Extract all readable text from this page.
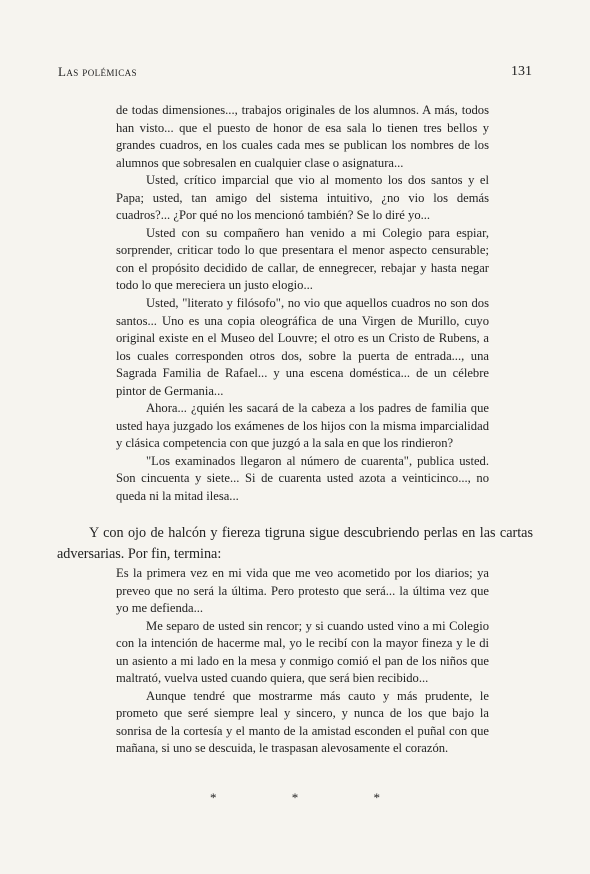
Las polémicas	131

de todas dimensiones..., trabajos originales de los alumnos. A más, todos han visto... que el puesto de honor de esa sala lo tienen tres bellos y grandes cuadros, en los cuales cada mes se publican los nombres de los alumnos que sobresalen en cualquier clase o asignatura...

Usted, crítico imparcial que vio al momento los dos santos y el Papa; usted, tan amigo del sistema intuitivo, ¿no vio los demás cuadros?... ¿Por qué no los mencionó también? Se lo diré yo...

Usted con su compañero han venido a mi Colegio para espiar, sorprender, criticar todo lo que presentara el menor aspecto censurable; con el propósito decidido de callar, de ennegrecer, rebajar y hasta negar todo lo que mereciera un justo elogio...

Usted, "literato y filósofo", no vio que aquellos cuadros no son dos santos... Uno es una copia oleográfica de una Virgen de Murillo, cuyo original existe en el Museo del Louvre; el otro es un Cristo de Rubens, a los cuales corresponden otros dos, sobre la puerta de entrada..., una Sagrada Familia de Rafael... y una escena doméstica... de un célebre pintor de Germania...

Ahora... ¿quién les sacará de la cabeza a los padres de familia que usted haya juzgado los exámenes de los hijos con la misma imparcialidad y clásica competencia con que juzgó a la sala en que los rindieron?

"Los examinados llegaron al número de cuarenta", publica usted. Son cincuenta y siete... Si de cuarenta usted azota a veinticinco..., no queda ni la mitad ilesa...

Y con ojo de halcón y fiereza tigruna sigue descubriendo perlas en las cartas adversarias. Por fin, termina:

Es la primera vez en mi vida que me veo acometido por los diarios; ya preveo que no será la última. Pero protesto que será... la última vez que yo me defienda...

Me separo de usted sin rencor; y si cuando usted vino a mi Colegio con la intención de hacerme mal, yo le recibí con la mayor fineza y le di un asiento a mi lado en la mesa y conmigo comió el pan de los niños que maltrató, vuelva usted cuando quiera, que será bien recibido...

Aunque tendré que mostrarme más cauto y más prudente, le prometo que seré siempre leal y sincero, y nunca de los que bajo la sonrisa de la cortesía y el manto de la amistad esconden el puñal con que mañana, si uno se descuida, le traspasan alevosamente el corazón.

* * *
